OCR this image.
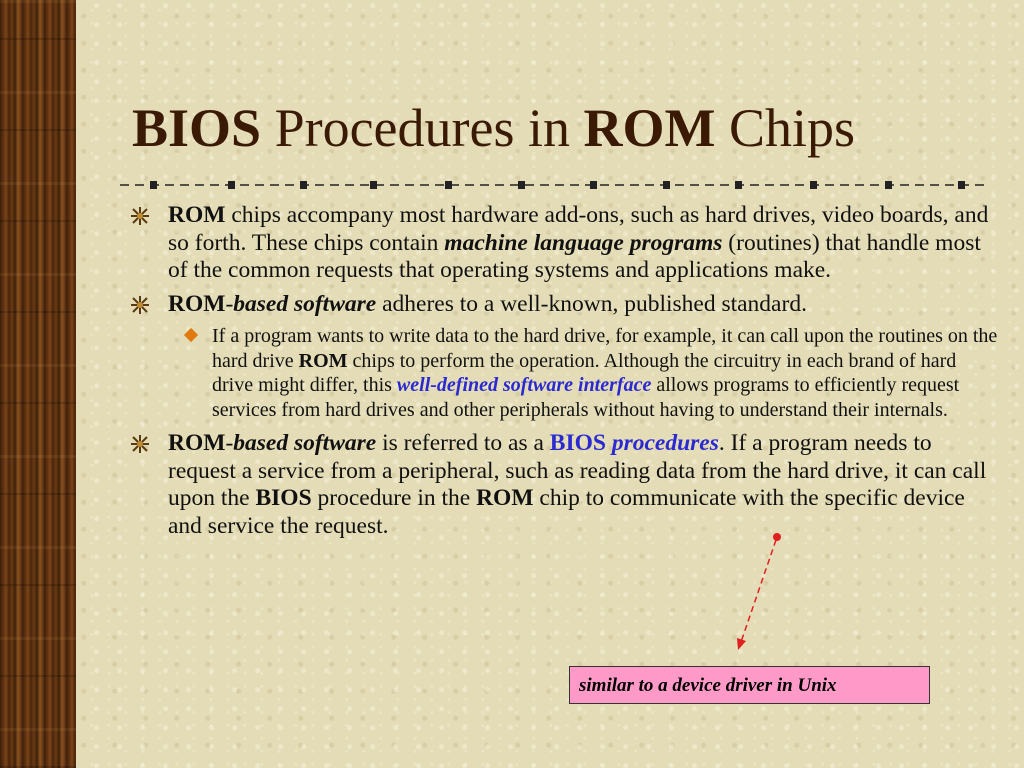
BIOS Procedures in ROM Chips
ROM chips accompany most hardware add-ons, such as hard drives, video boards, and so forth. These chips contain machine language programs (routines) that handle most of the common requests that operating systems and applications make.
ROM-based software adheres to a well-known, published standard.
If a program wants to write data to the hard drive, for example, it can call upon the routines on the hard drive ROM chips to perform the operation. Although the circuitry in each brand of hard drive might differ, this well-defined software interface allows programs to efficiently request services from hard drives and other peripherals without having to understand their internals.
ROM-based software is referred to as a BIOS procedures. If a program needs to request a service from a peripheral, such as reading data from the hard drive, it can call upon the BIOS procedure in the ROM chip to communicate with the specific device and service the request.
similar to a device driver in Unix
